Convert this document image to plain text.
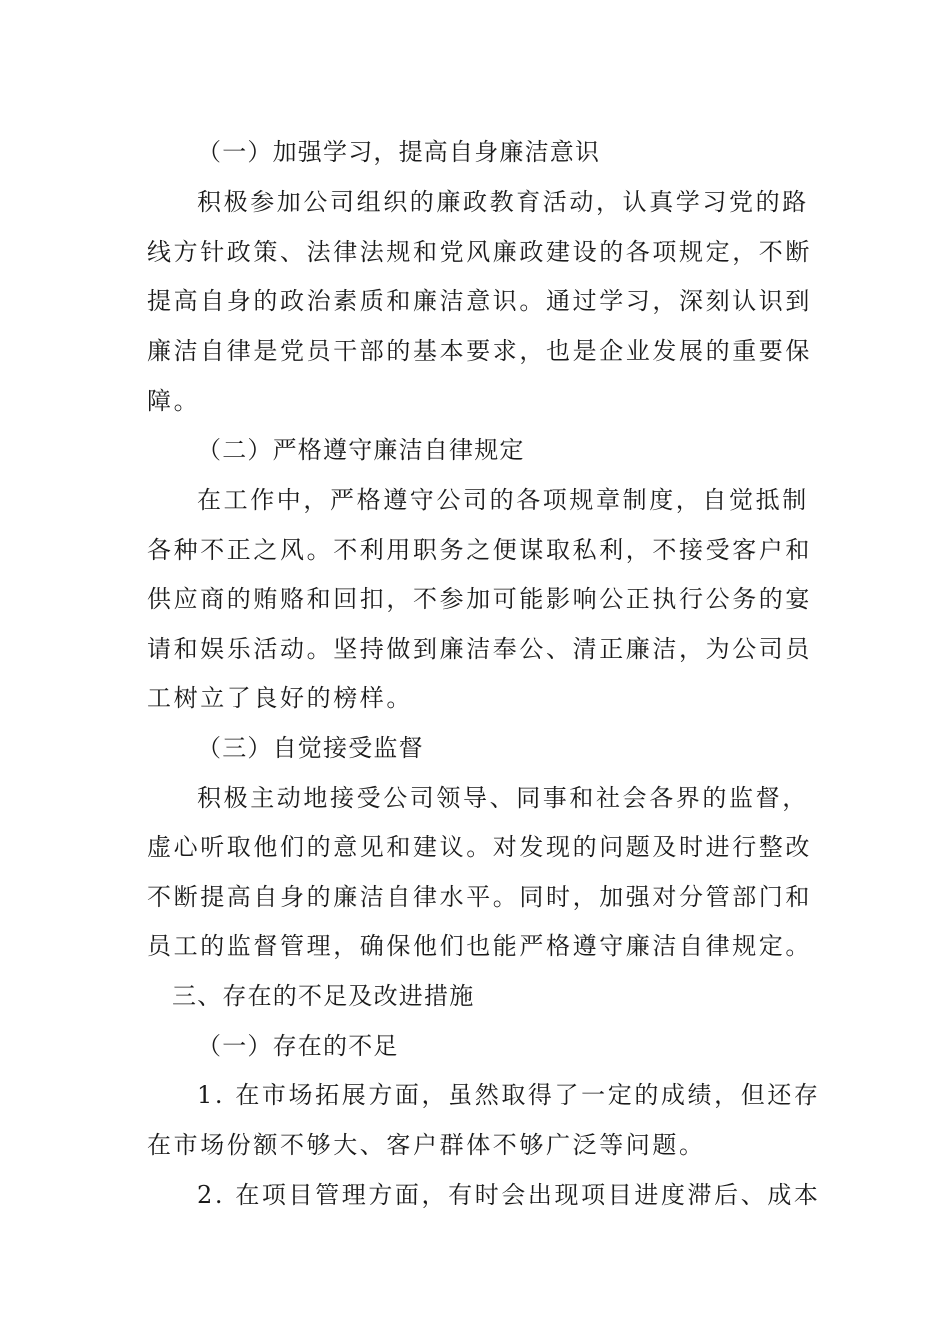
（一）加强学习，提高自身廉洁意识
积极参加公司组织的廉政教育活动，认真学习党的路
线方针政策、法律法规和党风廉政建设的各项规定，不断
提高自身的政治素质和廉洁意识。通过学习，深刻认识到
廉洁自律是党员干部的基本要求，也是企业发展的重要保
障。
（二）严格遵守廉洁自律规定
在工作中，严格遵守公司的各项规章制度，自觉抵制
各种不正之风。不利用职务之便谋取私利，不接受客户和
供应商的贿赂和回扣，不参加可能影响公正执行公务的宴
请和娱乐活动。坚持做到廉洁奉公、清正廉洁，为公司员
工树立了良好的榜样。
（三）自觉接受监督
积极主动地接受公司领导、同事和社会各界的监督，
虚心听取他们的意见和建议。对发现的问题及时进行整改
不断提高自身的廉洁自律水平。同时，加强对分管部门和
员工的监督管理，确保他们也能严格遵守廉洁自律规定。
三、存在的不足及改进措施
（一）存在的不足
1. 在市场拓展方面，虽然取得了一定的成绩，但还存
在市场份额不够大、客户群体不够广泛等问题。
2. 在项目管理方面，有时会出现项目进度滞后、成本
